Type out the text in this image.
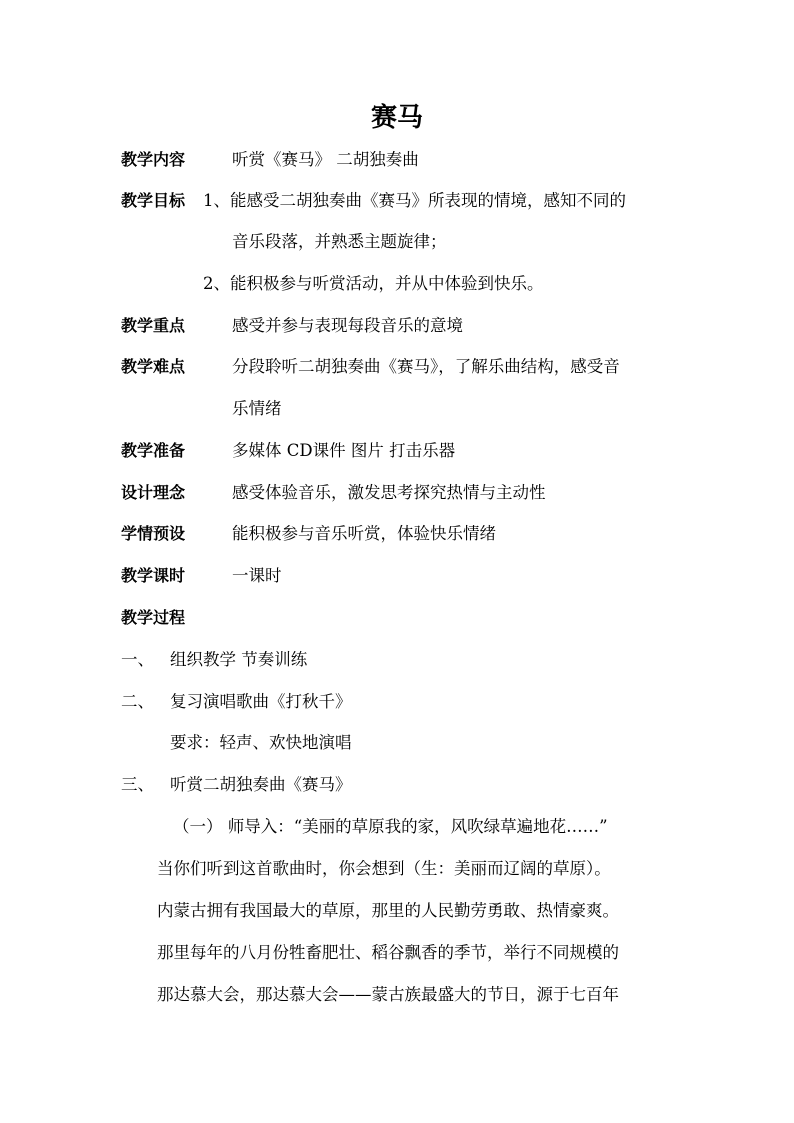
赛马
教学内容	听赏《赛马》 二胡独奏曲
教学目标 1、能感受二胡独奏曲《赛马》所表现的情境，感知不同的
音乐段落，并熟悉主题旋律；
2、能积极参与听赏活动，并从中体验到快乐。
教学重点	感受并参与表现每段音乐的意境
教学难点	分段聆听二胡独奏曲《赛马》，了解乐曲结构，感受音
乐情绪
教学准备	多媒体 CD课件 图片 打击乐器
设计理念	感受体验音乐，激发思考探究热情与主动性
学情预设	能积极参与音乐听赏，体验快乐情绪
教学课时	一课时
教学过程
一、 组织教学 节奏训练
二、 复习演唱歌曲《打秋千》
要求：轻声、欢快地演唱
三、 听赏二胡独奏曲《赛马》
（一） 师导入：“美丽的草原我的家，风吹绿草遍地花……”
当你们听到这首歌曲时，你会想到（生：美丽而辽阔的草原）。
内蒙古拥有我国最大的草原，那里的人民勤劳勇敢、热情豪爽。
那里每年的八月份牲畜肥壮、稻谷飘香的季节，举行不同规模的
那达慕大会，那达慕大会——蒙古族最盛大的节日，源于七百年
